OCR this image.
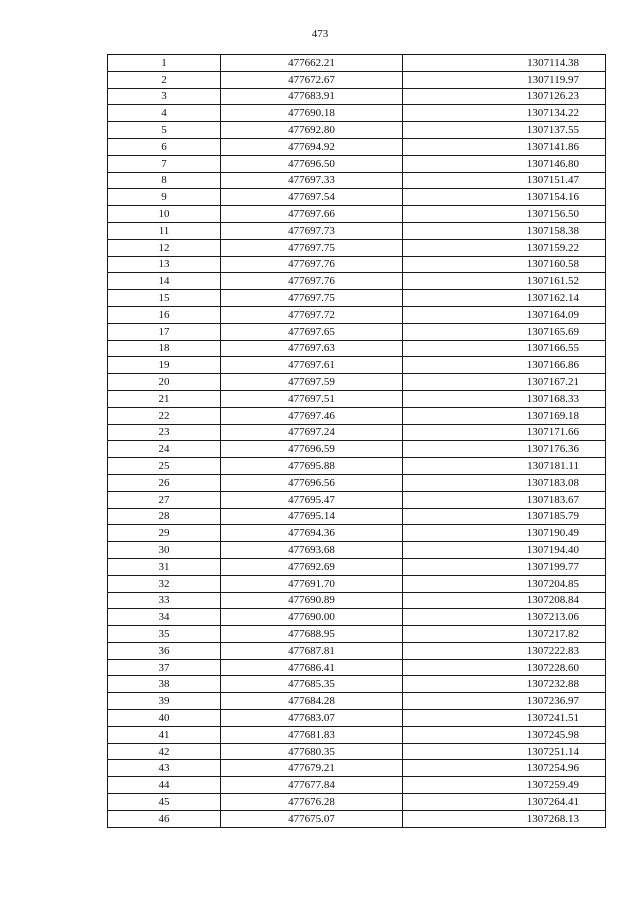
473
1	477662.21	1307114.38
2	477672.67	1307119.97
3	477683.91	1307126.23
4	477690.18	1307134.22
5	477692.80	1307137.55
6	477694.92	1307141.86
7	477696.50	1307146.80
8	477697.33	1307151.47
9	477697.54	1307154.16
10	477697.66	1307156.50
11	477697.73	1307158.38
12	477697.75	1307159.22
13	477697.76	1307160.58
14	477697.76	1307161.52
15	477697.75	1307162.14
16	477697.72	1307164.09
17	477697.65	1307165.69
18	477697.63	1307166.55
19	477697.61	1307166.86
20	477697.59	1307167.21
21	477697.51	1307168.33
22	477697.46	1307169.18
23	477697.24	1307171.66
24	477696.59	1307176.36
25	477695.88	1307181.11
26	477696.56	1307183.08
27	477695.47	1307183.67
28	477695.14	1307185.79
29	477694.36	1307190.49
30	477693.68	1307194.40
31	477692.69	1307199.77
32	477691.70	1307204.85
33	477690.89	1307208.84
34	477690.00	1307213.06
35	477688.95	1307217.82
36	477687.81	1307222.83
37	477686.41	1307228.60
38	477685.35	1307232.88
39	477684.28	1307236.97
40	477683.07	1307241.51
41	477681.83	1307245.98
42	477680.35	1307251.14
43	477679.21	1307254.96
44	477677.84	1307259.49
45	477676.28	1307264.41
46	477675.07	1307268.13
